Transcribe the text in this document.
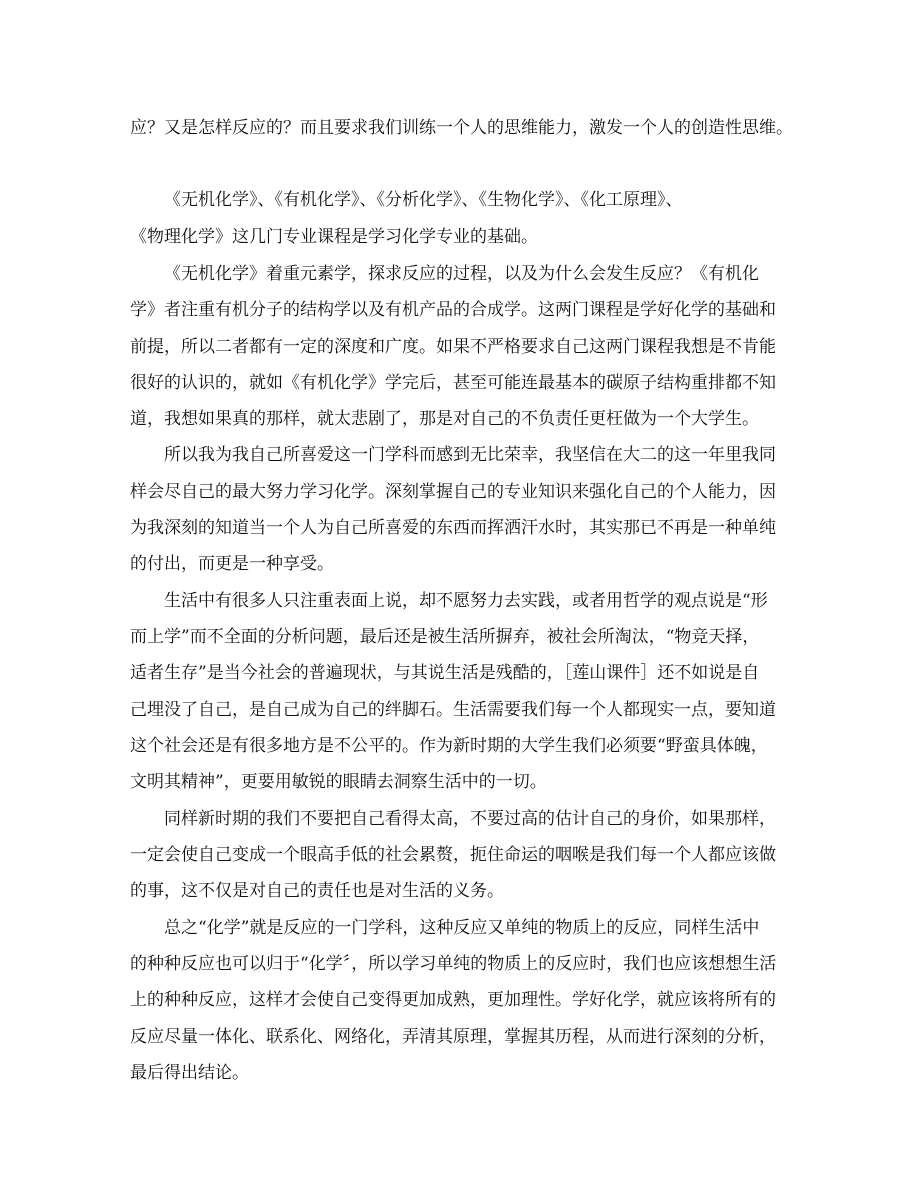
应？又是怎样反应的？而且要求我们训练一个人的思维能力，激发一个人的创造性思维。
《无机化学》、《有机化学》、《分析化学》、《生物化学》、《化工原理》、
《物理化学》这几门专业课程是学习化学专业的基础。
《无机化学》着重元素学，探求反应的过程，以及为什么会发生反应？《有机化
学》者注重有机分子的结构学以及有机产品的合成学。这两门课程是学好化学的基础和
前提，所以二者都有一定的深度和广度。如果不严格要求自己这两门课程我想是不肯能
很好的认识的，就如《有机化学》学完后，甚至可能连最基本的碳原子结构重排都不知
道，我想如果真的那样，就太悲剧了，那是对自己的不负责任更枉做为一个大学生。
所以我为我自己所喜爱这一门学科而感到无比荣幸，我坚信在大二的这一年里我同
样会尽自己的最大努力学习化学。深刻掌握自己的专业知识来强化自己的个人能力，因
为我深刻的知道当一个人为自己所喜爱的东西而挥洒汗水时，其实那已不再是一种单纯
的付出，而更是一种享受。
生活中有很多人只注重表面上说，却不愿努力去实践，或者用哲学的观点说是“形
而上学”而不全面的分析问题，最后还是被生活所摒弃，被社会所淘汰，“物竞天择，
适者生存”是当今社会的普遍现状，与其说生活是残酷的，［莲山课件］还不如说是自
己埋没了自己，是自己成为自己的绊脚石。生活需要我们每一个人都现实一点，要知道
这个社会还是有很多地方是不公平的。作为新时期的大学生我们必须要“野蛮具体魄，
文明其精神”，更要用敏锐的眼睛去洞察生活中的一切。
同样新时期的我们不要把自己看得太高，不要过高的估计自己的身价，如果那样，
一定会使自己变成一个眼高手低的社会累赘，扼住命运的咽喉是我们每一个人都应该做
的事，这不仅是对自己的责任也是对生活的义务。
总之“化学”就是反应的一门学科，这种反应又单纯的物质上的反应，同样生活中
的种种反应也可以归于“化学〞，所以学习单纯的物质上的反应时，我们也应该想想生活
上的种种反应，这样才会使自己变得更加成熟，更加理性。学好化学，就应该将所有的
反应尽量一体化、联系化、网络化，弄清其原理，掌握其历程，从而进行深刻的分析，
最后得出结论。
